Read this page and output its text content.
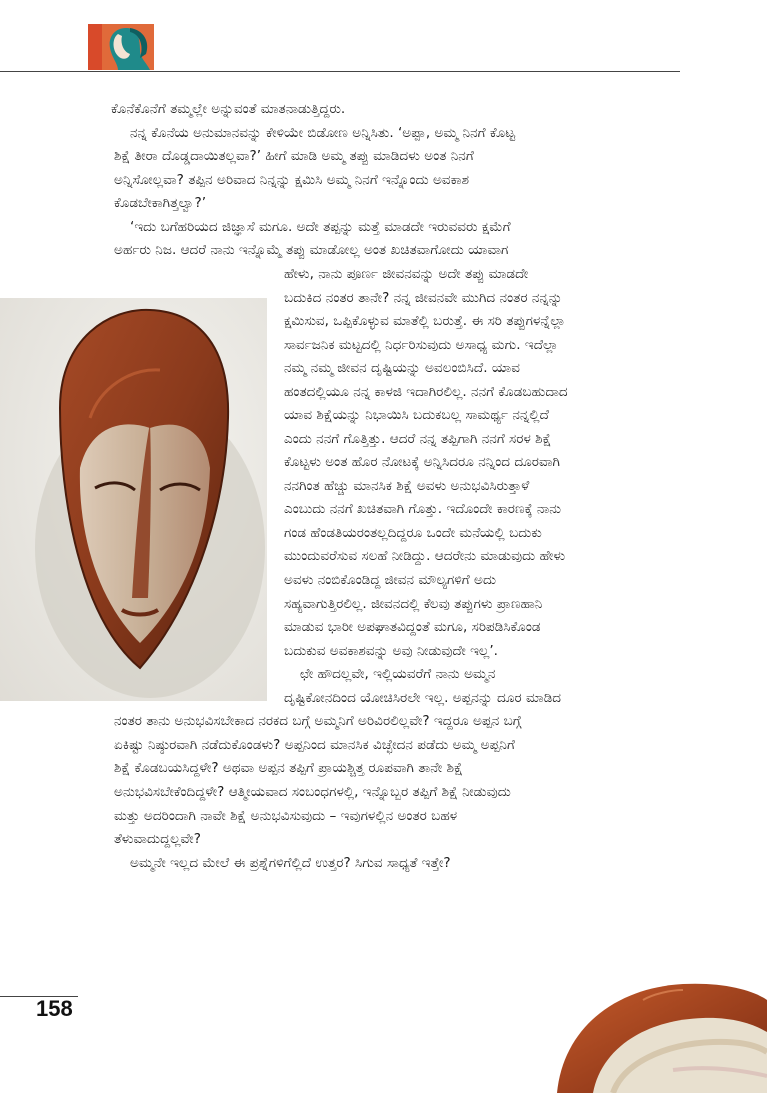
ಕೊನೆಕೊನೆಗೆ ತಮ್ಮಲ್ಲೇ ಅನ್ನುವಂತೆ ಮಾತನಾಡುತ್ತಿದ್ದರು.

ನನ್ನ ಕೊನೆಯ ಅನುಮಾನವನ್ನು ಕೇಳಿಯೇ ಬಿಡೋಣ ಅನ್ನಿಸಿತು. ‘ಅಪ್ಪಾ, ಅಮ್ಮ ನಿನಗೆ ಕೊಟ್ಟ

ಶಿಕ್ಷೆ ತೀರಾ ದೊಡ್ಡದಾಯಿತಲ್ಲವಾ?’ ಹೀಗೆ ಮಾಡಿ ಅಮ್ಮ ತಪ್ಪು ಮಾಡಿದಳು ಅಂತ ನಿನಗೆ

ಅನ್ನಿಸೋಲ್ಲವಾ? ತಪ್ಪಿನ ಅರಿವಾದ ನಿನ್ನನ್ನು ಕ್ಷಮಿಸಿ ಅಮ್ಮ ನಿನಗೆ ಇನ್ನೊಂದು ಅವಕಾಶ

ಕೊಡಬೇಕಾಗಿತ್ತಲ್ವಾ?’

‘ಇದು ಬಗೆಹರಿಯದ ಜಿಜ್ಞಾಸೆ ಮಗೂ. ಅದೇ ತಪ್ಪನ್ನು ಮತ್ತೆ ಮಾಡದೇ ಇರುವವರು ಕ್ಷಮೆಗೆ

ಅರ್ಹರು ನಿಜ. ಆದರೆ ನಾನು ಇನ್ನೊಮ್ಮೆ ತಪ್ಪು ಮಾಡೋಲ್ಲ ಅಂತ ಖಚಿತವಾಗೋದು ಯಾವಾಗ

ಹೇಳು, ನಾನು ಪೂರ್ಣ ಜೀವನವನ್ನು ಅದೇ ತಪ್ಪು ಮಾಡದೇ

ಬದುಕಿದ ನಂತರ ತಾನೇ? ನನ್ನ ಜೀವನವೇ ಮುಗಿದ ನಂತರ ನನ್ನನ್ನು

ಕ್ಷಮಿಸುವ, ಒಪ್ಪಿಕೊಳ್ಳುವ ಮಾತೆಲ್ಲಿ ಬರುತ್ತೆ. ಈ ಸರಿ ತಪ್ಪುಗಳನ್ನೆಲ್ಲಾ

ಸಾರ್ವಜನಿಕ ಮಟ್ಟದಲ್ಲಿ ನಿರ್ಧರಿಸುವುದು ಅಸಾಧ್ಯ ಮಗು. ಇದೆಲ್ಲಾ

ನಮ್ಮ ನಮ್ಮ ಜೀವನ ದೃಷ್ಟಿಯನ್ನು ಅವಲಂಬಿಸಿದೆ. ಯಾವ

ಹಂತದಲ್ಲಿಯೂ ನನ್ನ ಕಾಳಜಿ ಇದಾಗಿರಲಿಲ್ಲ. ನನಗೆ ಕೊಡಬಹುದಾದ

ಯಾವ ಶಿಕ್ಷೆಯನ್ನು ನಿಭಾಯಿಸಿ ಬದುಕಬಲ್ಲ ಸಾಮರ್ಥ್ಯ ನನ್ನಲ್ಲಿದೆ

ಎಂದು ನನಗೆ ಗೊತ್ತಿತ್ತು. ಆದರೆ ನನ್ನ ತಪ್ಪಿಗಾಗಿ ನನಗೆ ಸರಳ ಶಿಕ್ಷೆ

ಕೊಟ್ಟಳು ಅಂತ ಹೊರ ನೋಟಕ್ಕೆ ಅನ್ನಿಸಿದರೂ ನನ್ನಿಂದ ದೂರವಾಗಿ

ನನಗಿಂತ ಹೆಚ್ಚು ಮಾನಸಿಕ ಶಿಕ್ಷೆ ಅವಳು ಅನುಭವಿಸಿರುತ್ತಾಳೆ

ಎಂಬುದು ನನಗೆ ಖಚಿತವಾಗಿ ಗೊತ್ತು. ಇದೊಂದೇ ಕಾರಣಕ್ಕೆ ನಾನು

ಗಂಡ ಹೆಂಡತಿಯರಂತಲ್ಲದಿದ್ದರೂ ಒಂದೇ ಮನೆಯಲ್ಲಿ ಬದುಕು

ಮುಂದುವರೆಸುವ ಸಲಹೆ ನೀಡಿದ್ದು. ಆದರೇನು ಮಾಡುವುದು ಹೇಳು

ಅವಳು ನಂಬಿಕೊಂಡಿದ್ದ ಜೀವನ ಮೌಲ್ಯಗಳಿಗೆ ಅದು

ಸಹ್ಯವಾಗುತ್ತಿರಲಿಲ್ಲ. ಜೀವನದಲ್ಲಿ ಕೆಲವು ತಪ್ಪುಗಳು ಪ್ರಾಣಹಾನಿ

ಮಾಡುವ ಭಾರೀ ಅಪಘಾತವಿದ್ದಂತೆ ಮಗೂ, ಸರಿಪಡಿಸಿಕೊಂಡ

ಬದುಕುವ ಅವಕಾಶವನ್ನು ಅವು ನೀಡುವುದೇ ಇಲ್ಲ’.

ಛೇ ಹೌದಲ್ಲವೇ, ಇಲ್ಲಿಯವರೆಗೆ ನಾನು ಅಮ್ಮನ

ದೃಷ್ಟಿಕೋನದಿಂದ ಯೋಚಿಸಿರಲೇ ಇಲ್ಲ. ಅಪ್ಪನನ್ನು ದೂರ ಮಾಡಿದ

ನಂತರ ತಾನು ಅನುಭವಿಸಬೇಕಾದ ನರಕದ ಬಗ್ಗೆ ಅಮ್ಮನಿಗೆ ಅರಿವಿರಲಿಲ್ಲವೇ? ಇದ್ದರೂ ಅಪ್ಪನ ಬಗ್ಗೆ

ಏಕಿಷ್ಟು ನಿಷ್ಠುರವಾಗಿ ನಡೆದುಕೊಂಡಳು? ಅಪ್ಪನಿಂದ ಮಾನಸಿಕ ವಿಚ್ಛೇದನ ಪಡೆದು ಅಮ್ಮ ಅಪ್ಪನಿಗೆ

ಶಿಕ್ಷೆ ಕೊಡಬಯಸಿದ್ದಳೇ? ಅಥವಾ ಅಪ್ಪನ ತಪ್ಪಿಗೆ ಪ್ರಾಯಶ್ಚಿತ್ತ ರೂಪವಾಗಿ ತಾನೇ ಶಿಕ್ಷೆ

ಅನುಭವಿಸಬೇಕೆಂದಿದ್ದಳೇ? ಆತ್ಮೀಯವಾದ ಸಂಬಂಧಗಳಲ್ಲಿ, ಇನ್ನೊಬ್ಬರ ತಪ್ಪಿಗೆ ಶಿಕ್ಷೆ ನೀಡುವುದು

ಮತ್ತು ಅದರಿಂದಾಗಿ ನಾವೇ ಶಿಕ್ಷೆ ಅನುಭವಿಸುವುದು – ಇವುಗಳಲ್ಲಿನ ಅಂತರ ಬಹಳ

ತೆಳುವಾದುದ್ದಲ್ಲವೇ?

ಅಮ್ಮನೇ ಇಲ್ಲದ ಮೇಲೆ ಈ ಪ್ರಶ್ನೆಗಳಿಗೆಲ್ಲಿದೆ ಉತ್ತರ? ಸಿಗುವ ಸಾಧ್ಯತೆ ಇತ್ತೇ?

158
